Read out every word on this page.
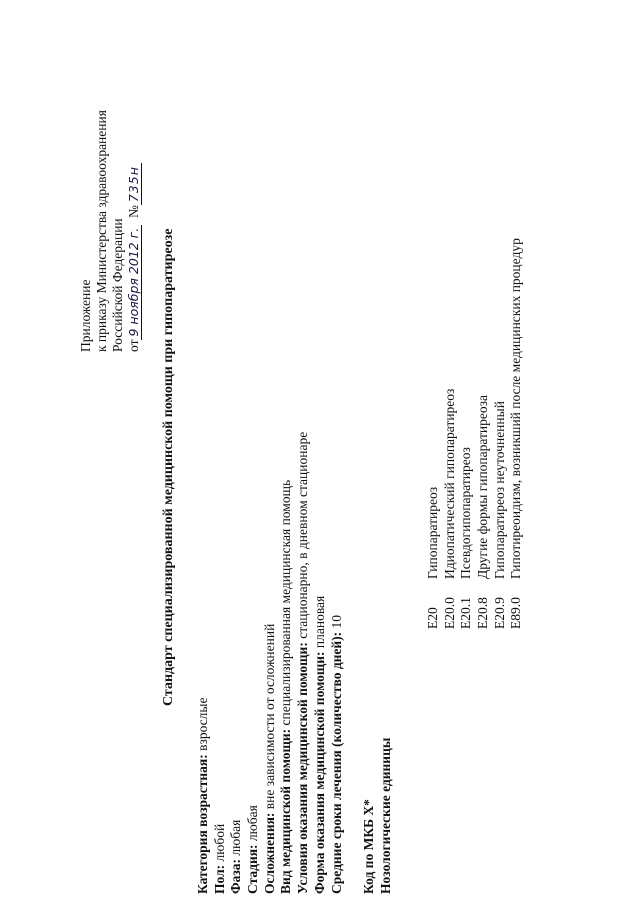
Приложение к приказу Министерства здравоохранения Российской Федерации от9 ноября 2012 г.  №735н
Стандарт специализированной медицинской помощи при гипопаратиреозе
Категория возрастная: взрослые
Пол: любой
Фаза: любая
Стадия: любая Осложнения: вне зависимости от осложнений
Вид медицинской помощи: специализированная медицинская помощь
Условия оказания медицинской помощи: стационарно, в дневном стационаре
Форма оказания медицинской помощи: плановая
Средние сроки лечения (количество дней): 10
Код по МКБ X* Нозологические единицы
E20Гипопаратиреоз
E20.0Идиопатический гипопаратиреоз
E20.1Псевдогипопаратиреоз
E20.8Другие формы гипопаратиреоза
E20.9Гипопаратиреоз неуточненный
E89.0Гипотиреоидизм, возникший после медицинских процедур
